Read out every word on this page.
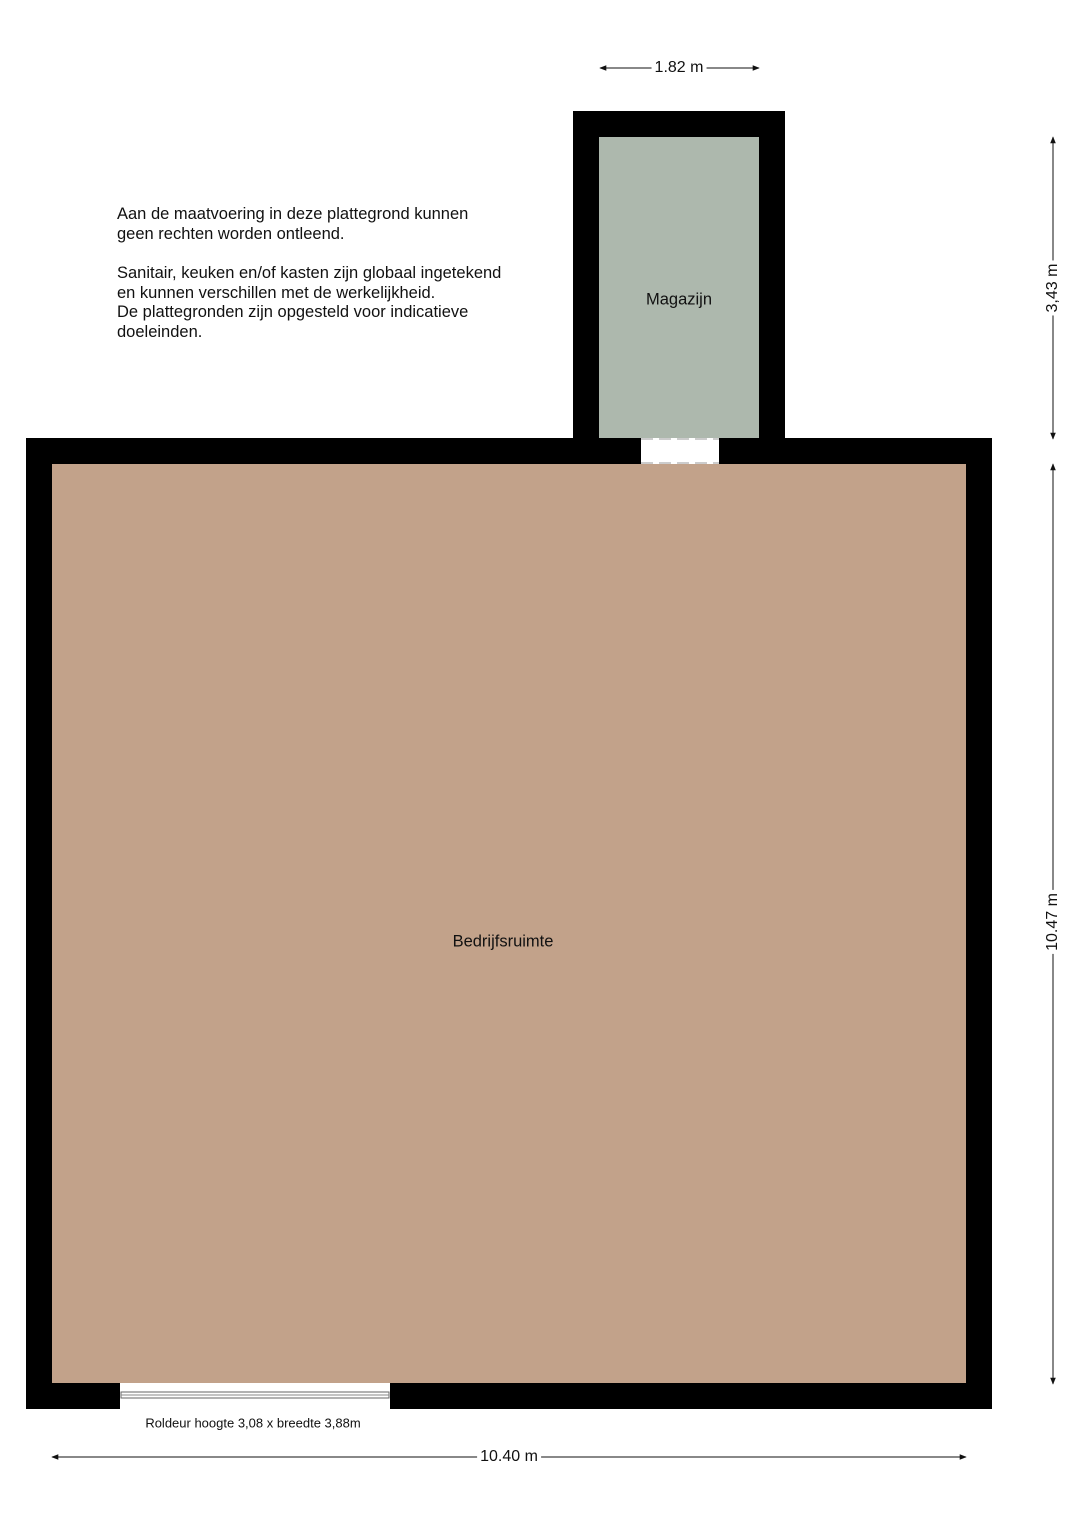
Aan de maatvoering in deze plattegrond kunnen

geen rechten worden ontleend.

Sanitair, keuken en/of kasten zijn globaal ingetekend

en kunnen verschillen met de werkelijkheid.

De plattegronden zijn opgesteld voor indicatieve

doeleinden.

Magazijn
Bedrijfsruimte
1.82 m
3,43 m
10.47 m
10.40 m
Roldeur hoogte 3,08 x breedte 3,88m
